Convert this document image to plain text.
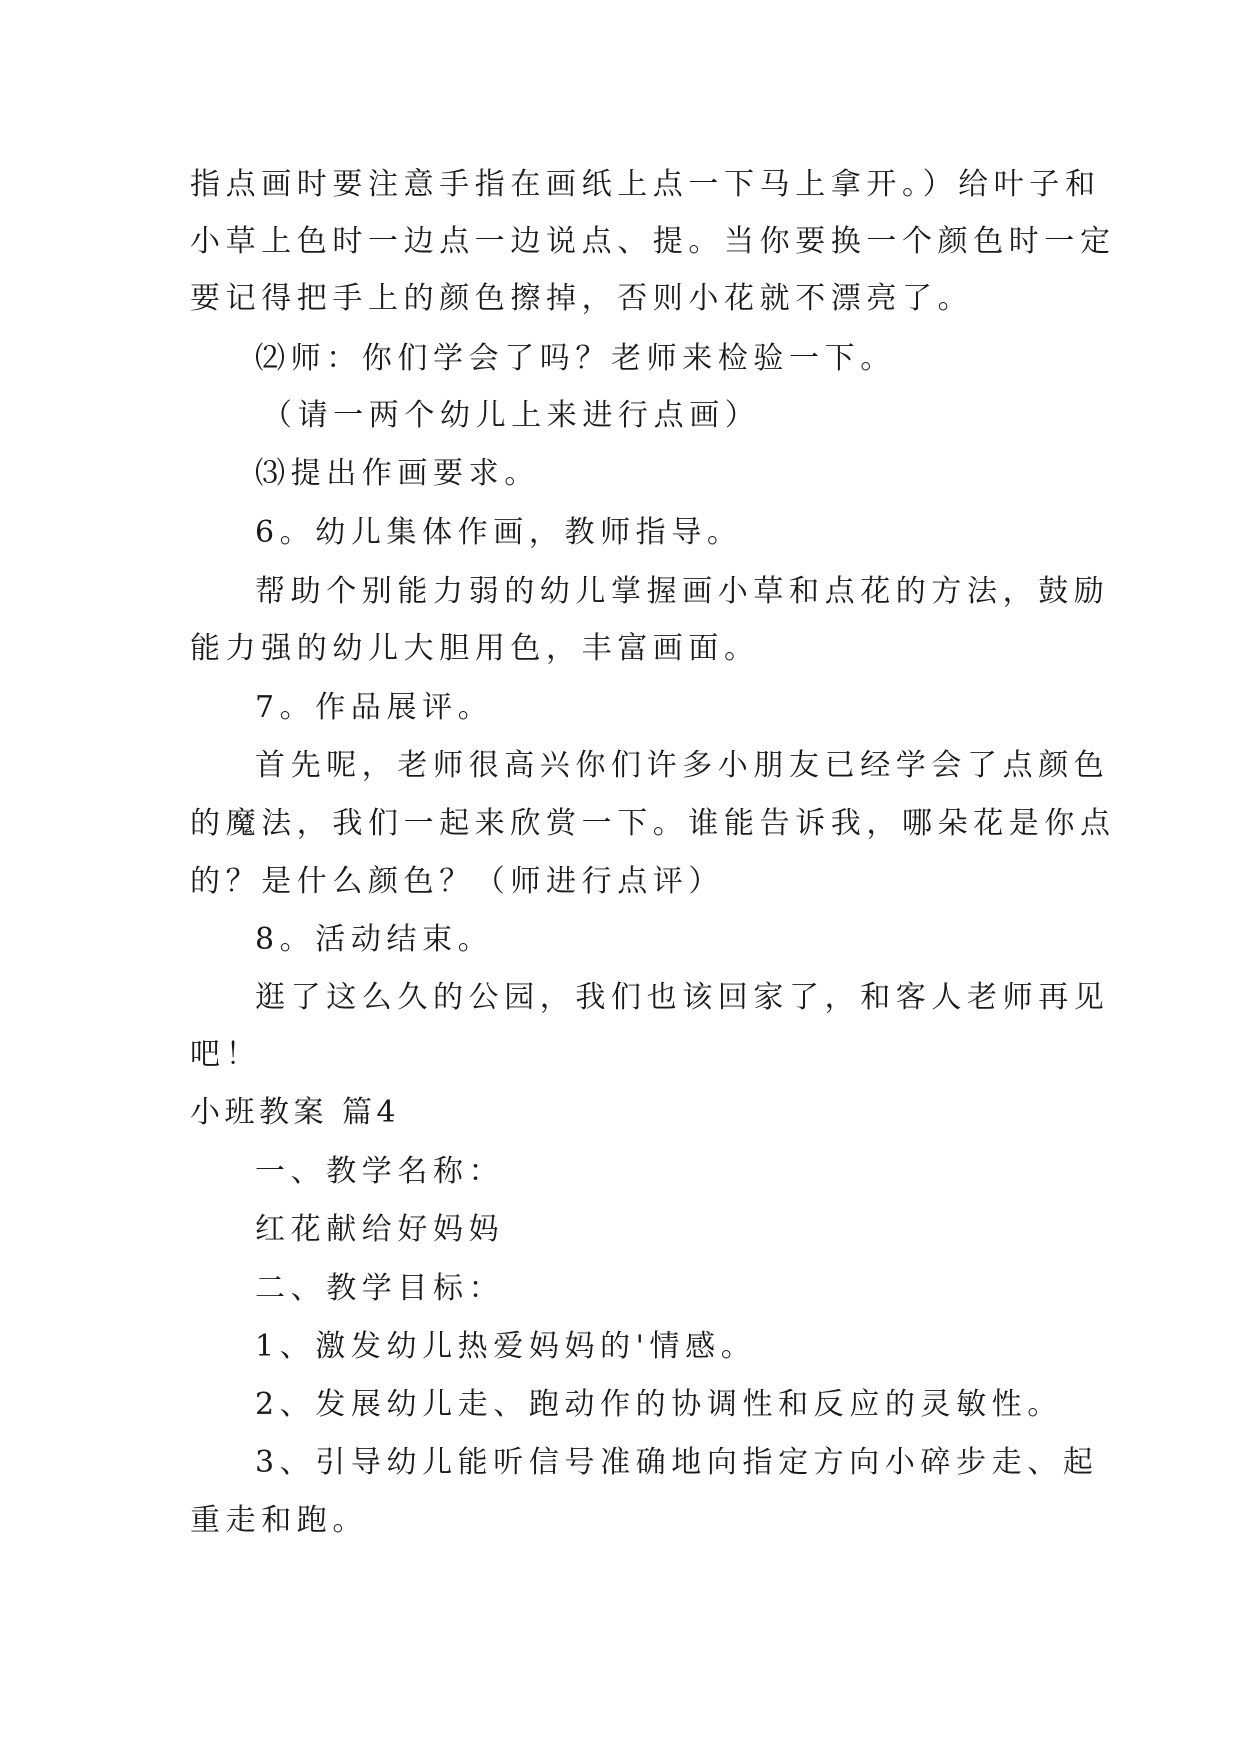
指点画时要注意手指在画纸上点一下马上拿开。）给叶子和
小草上色时一边点一边说点、提。当你要换一个颜色时一定
要记得把手上的颜色擦掉，否则小花就不漂亮了。
⑵师：你们学会了吗？老师来检验一下。
（请一两个幼儿上来进行点画）
⑶提出作画要求。
6。幼儿集体作画，教师指导。
帮助个别能力弱的幼儿掌握画小草和点花的方法，鼓励
能力强的幼儿大胆用色，丰富画面。
7。作品展评。
首先呢，老师很高兴你们许多小朋友已经学会了点颜色
的魔法，我们一起来欣赏一下。谁能告诉我，哪朵花是你点
的？是什么颜色？（师进行点评）
8。活动结束。
逛了这么久的公园，我们也该回家了，和客人老师再见
吧！
小班教案 篇4
一、教学名称：
红花献给好妈妈
二、教学目标：
1、激发幼儿热爱妈妈的'情感。
2、发展幼儿走、跑动作的协调性和反应的灵敏性。
3、引导幼儿能听信号准确地向指定方向小碎步走、起
重走和跑。
